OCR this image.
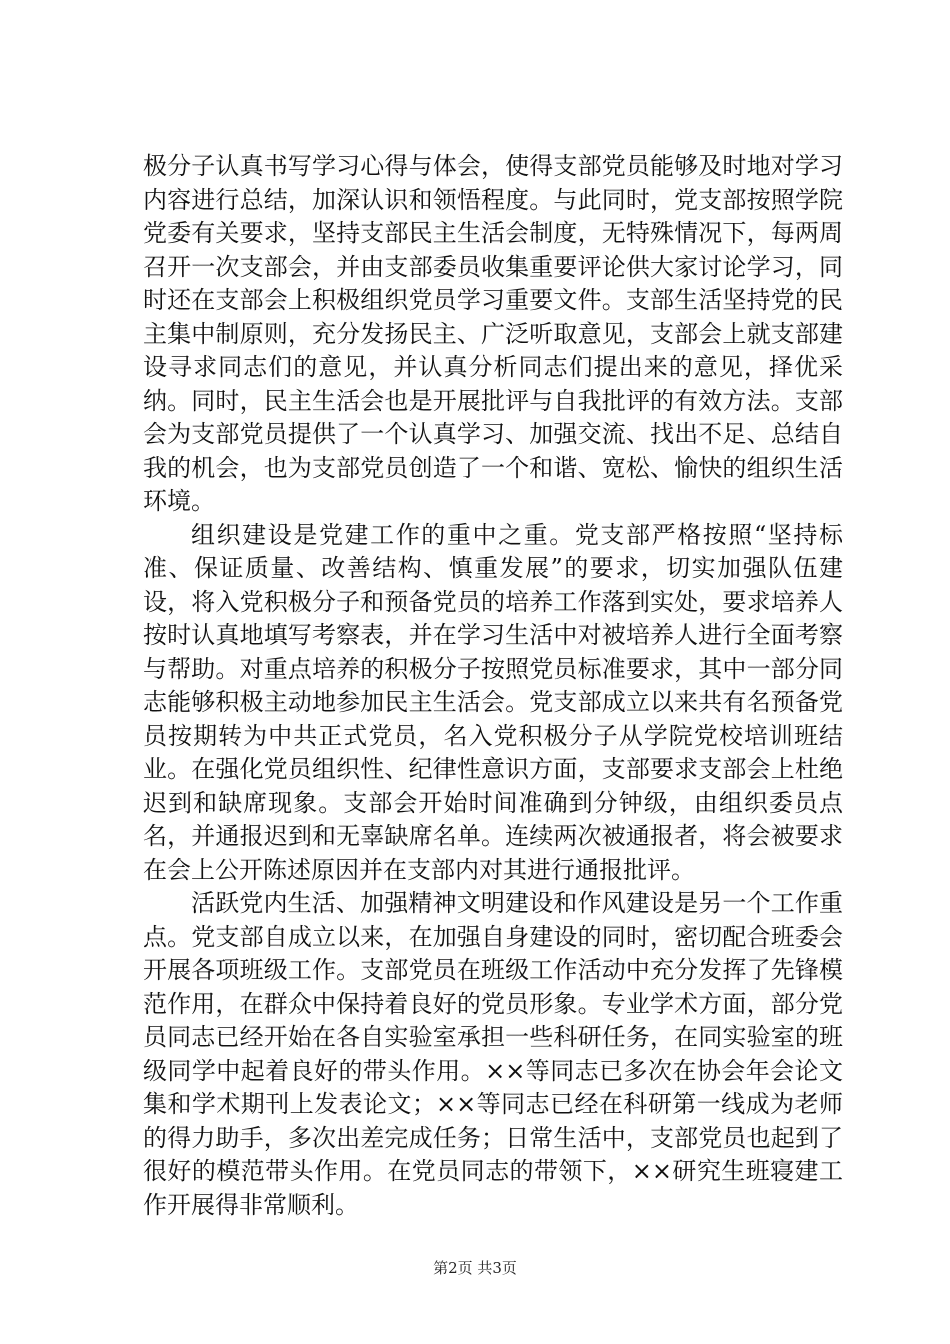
极分子认真书写学习心得与体会，使得支部党员能够及时地对学习内容进行总结，加深认识和领悟程度。与此同时，党支部按照学院党委有关要求，坚持支部民主生活会制度，无特殊情况下，每两周召开一次支部会，并由支部委员收集重要评论供大家讨论学习，同时还在支部会上积极组织党员学习重要文件。支部生活坚持党的民主集中制原则，充分发扬民主、广泛听取意见，支部会上就支部建设寻求同志们的意见，并认真分析同志们提出来的意见，择优采纳。同时，民主生活会也是开展批评与自我批评的有效方法。支部会为支部党员提供了一个认真学习、加强交流、找出不足、总结自我的机会，也为支部党员创造了一个和谐、宽松、愉快的组织生活环境。

组织建设是党建工作的重中之重。党支部严格按照“坚持标准、保证质量、改善结构、慎重发展”的要求，切实加强队伍建设，将入党积极分子和预备党员的培养工作落到实处，要求培养人按时认真地填写考察表，并在学习生活中对被培养人进行全面考察与帮助。对重点培养的积极分子按照党员标准要求，其中一部分同志能够积极主动地参加民主生活会。党支部成立以来共有名预备党员按期转为中共正式党员，名入党积极分子从学院党校培训班结业。在强化党员组织性、纪律性意识方面，支部要求支部会上杜绝迟到和缺席现象。支部会开始时间准确到分钟级，由组织委员点名，并通报迟到和无辜缺席名单。连续两次被通报者，将会被要求在会上公开陈述原因并在支部内对其进行通报批评。

活跃党内生活、加强精神文明建设和作风建设是另一个工作重点。党支部自成立以来，在加强自身建设的同时，密切配合班委会开展各项班级工作。支部党员在班级工作活动中充分发挥了先锋模范作用，在群众中保持着良好的党员形象。专业学术方面，部分党员同志已经开始在各自实验室承担一些科研任务，在同实验室的班级同学中起着良好的带头作用。××等同志已多次在协会年会论文集和学术期刊上发表论文；××等同志已经在科研第一线成为老师的得力助手，多次出差完成任务；日常生活中，支部党员也起到了很好的模范带头作用。在党员同志的带领下，××研究生班寝建工作开展得非常顺利。

第2页 共3页
